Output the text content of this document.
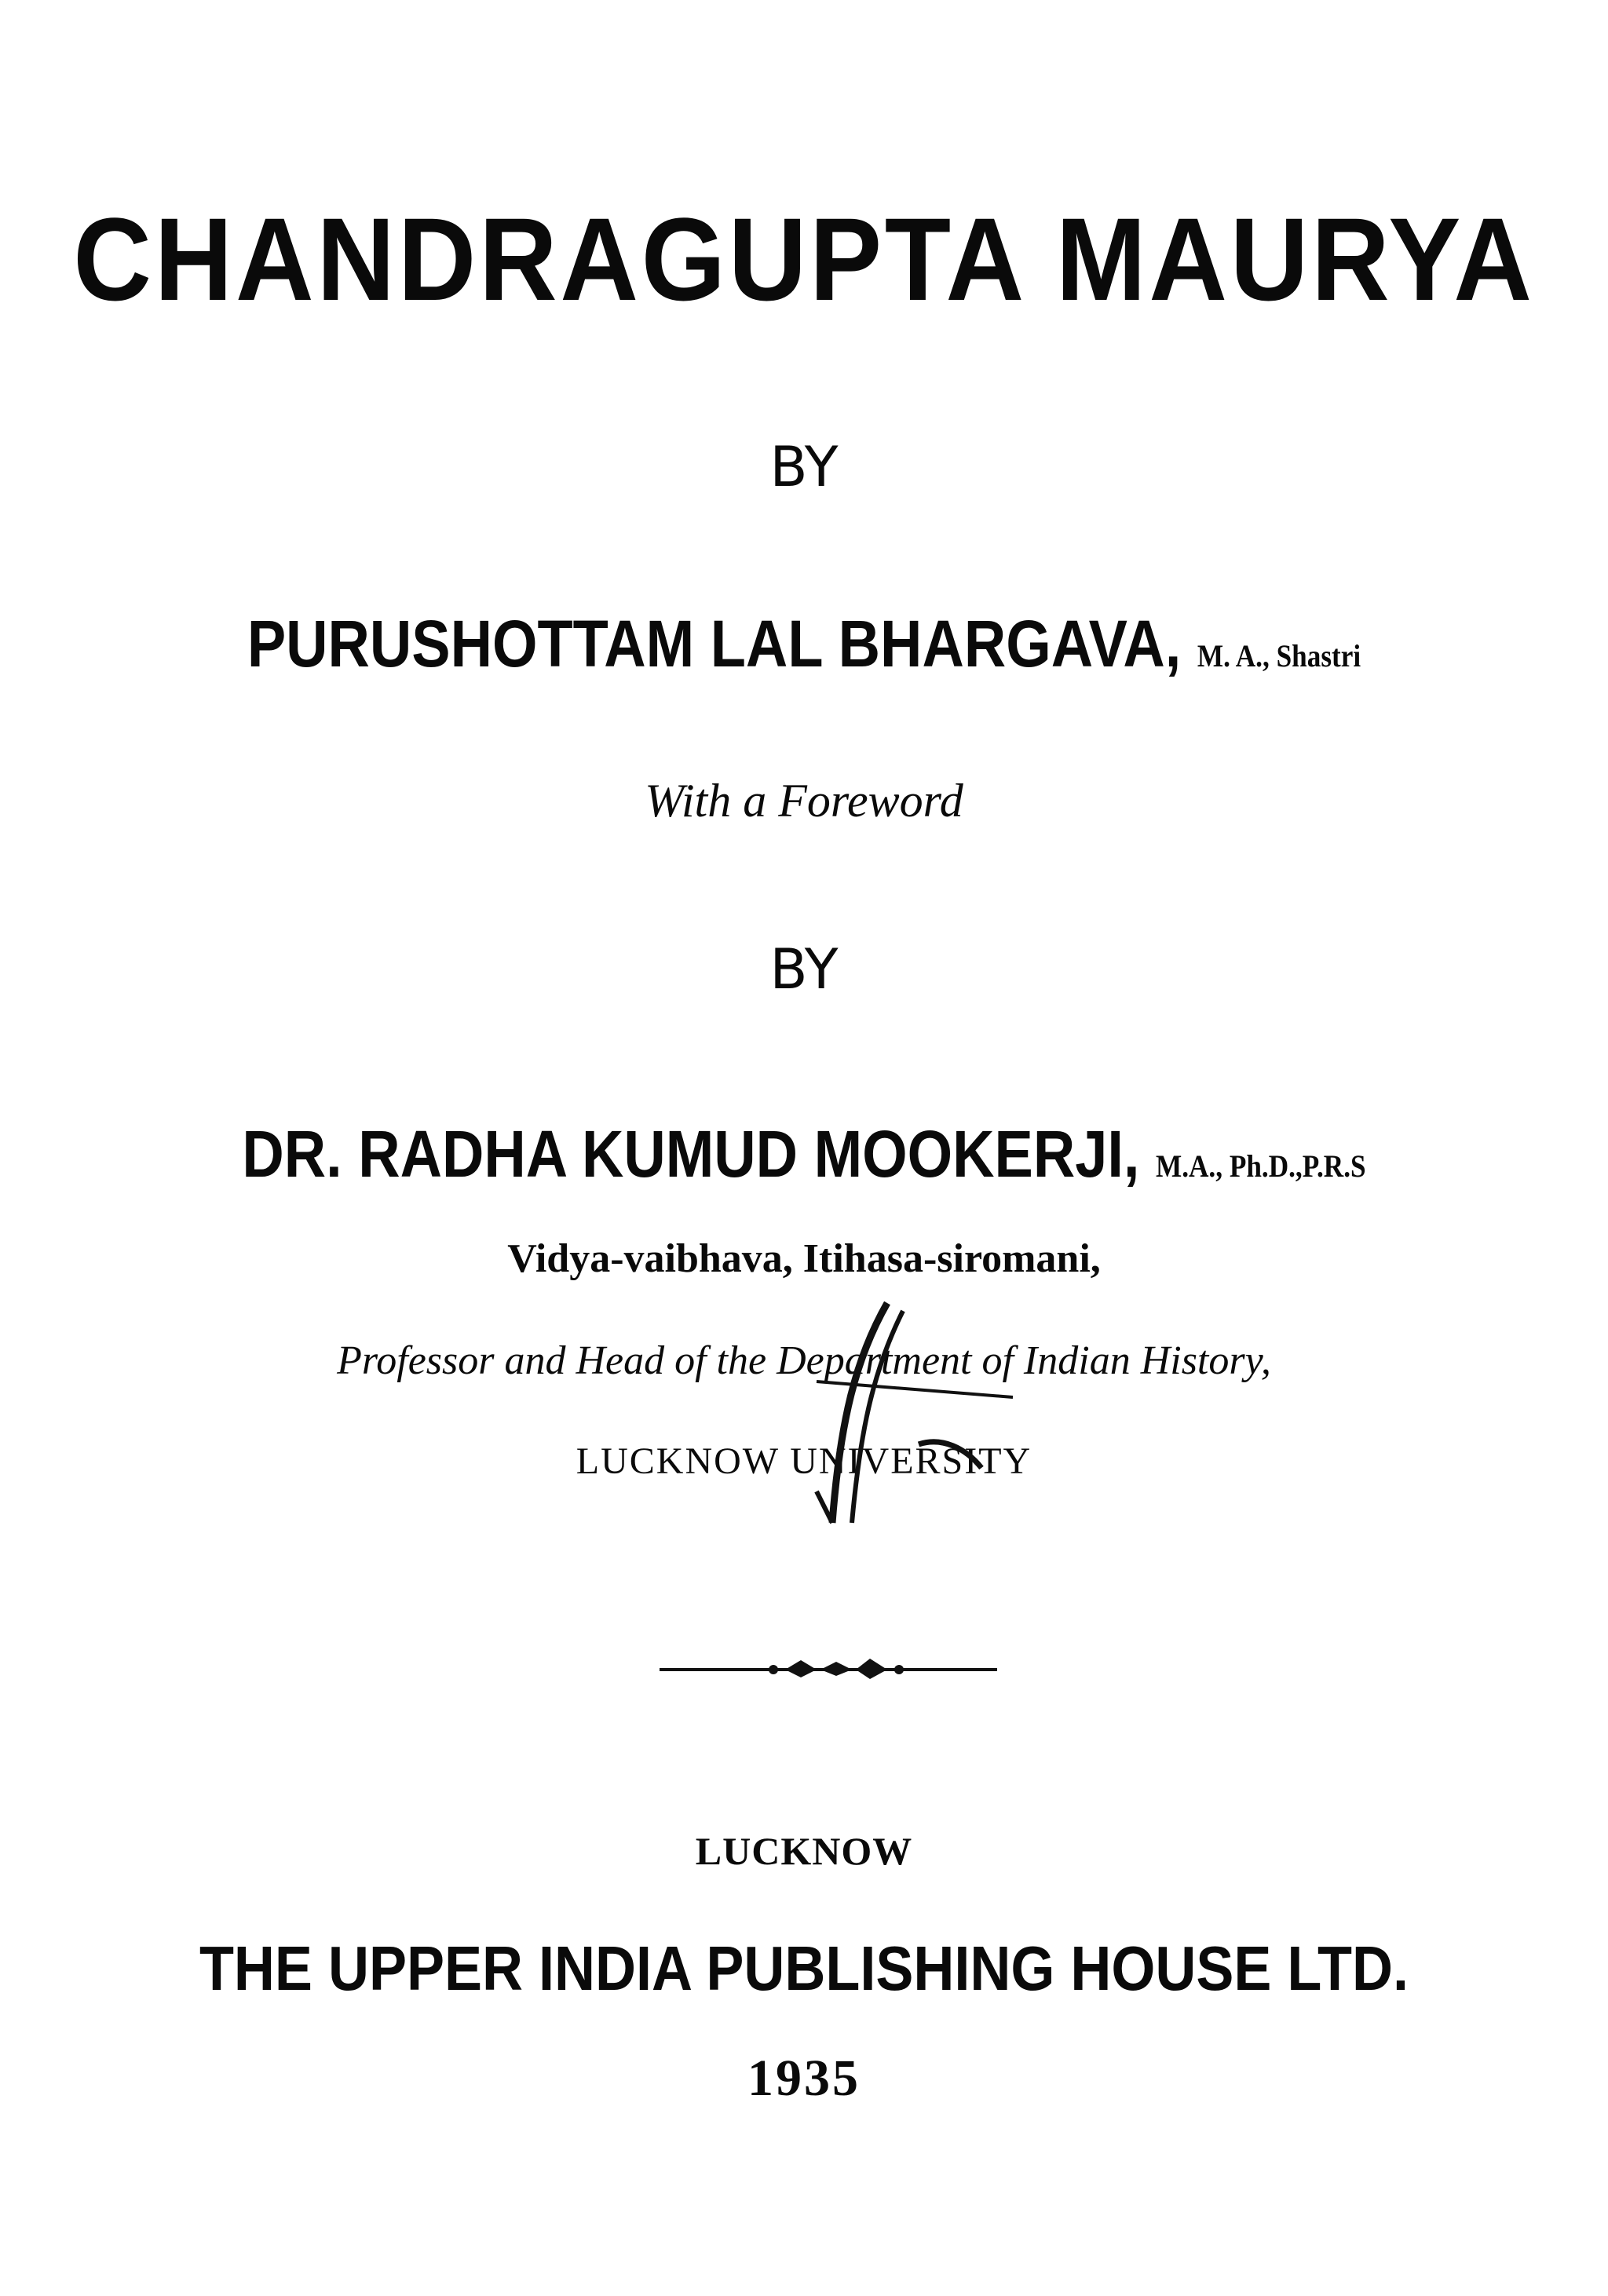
CHANDRAGUPTA MAURYA
BY
PURUSHOTTAM LAL BHARGAVA, M. A., Shastri
With a Foreword
BY
DR. RADHA KUMUD MOOKERJI, M.A., Ph.D.,P.R.S
Vidya-vaibhava, Itihasa-siromani,
Professor and Head of the Department of Indian History,
LUCKNOW UNIVERSITY
LUCKNOW
THE UPPER INDIA PUBLISHING HOUSE LTD.
1935
